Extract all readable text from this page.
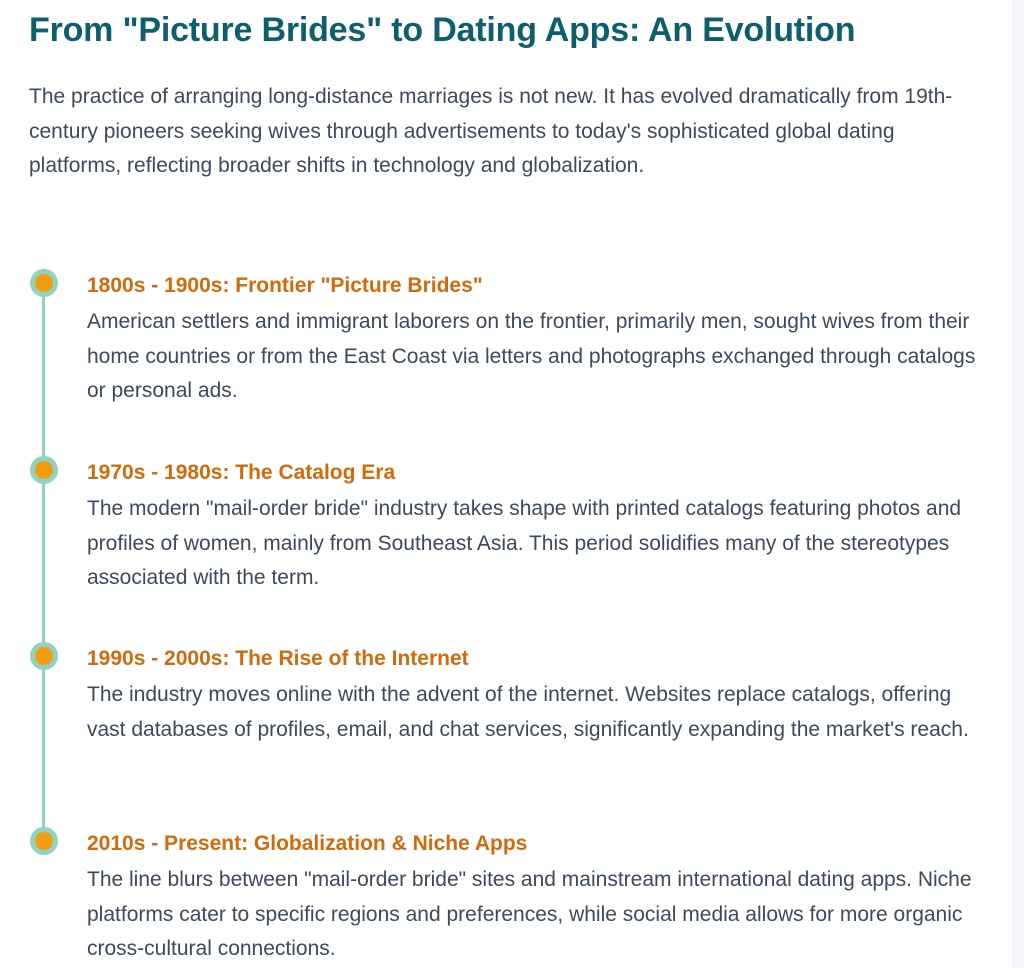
From "Picture Brides" to Dating Apps: An Evolution

The practice of arranging long-distance marriages is not new. It has evolved dramatically from 19th-century pioneers seeking wives through advertisements to today's sophisticated global dating platforms, reflecting broader shifts in technology and globalization.

1800s - 1900s: Frontier "Picture Brides"

American settlers and immigrant laborers on the frontier, primarily men, sought wives from their home countries or from the East Coast via letters and photographs exchanged through catalogs or personal ads.

1970s - 1980s: The Catalog Era

The modern "mail-order bride" industry takes shape with printed catalogs featuring photos and profiles of women, mainly from Southeast Asia. This period solidifies many of the stereotypes associated with the term.

1990s - 2000s: The Rise of the Internet

The industry moves online with the advent of the internet. Websites replace catalogs, offering vast databases of profiles, email, and chat services, significantly expanding the market's reach.

2010s - Present: Globalization & Niche Apps

The line blurs between "mail-order bride" sites and mainstream international dating apps. Niche platforms cater to specific regions and preferences, while social media allows for more organic cross-cultural connections.
